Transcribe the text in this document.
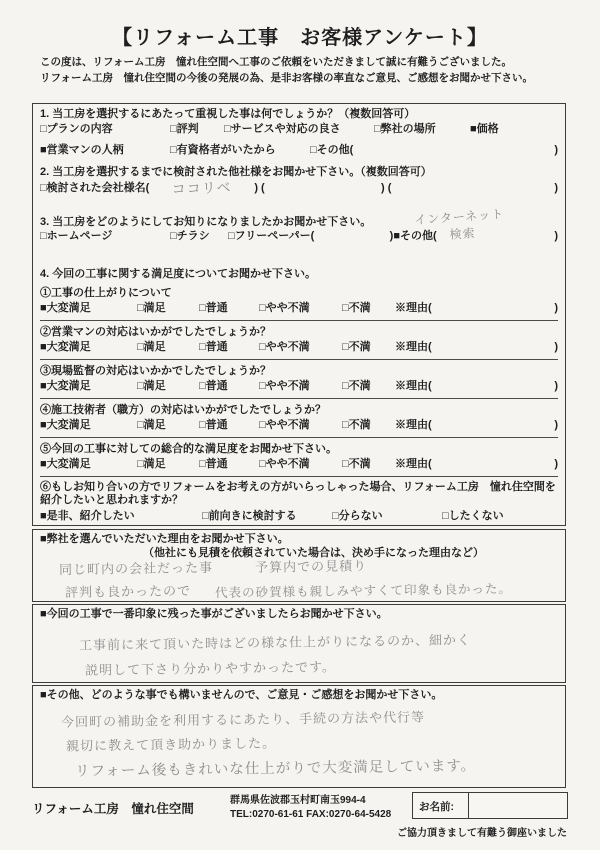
【リフォーム工事　お客様アンケート】
この度は、リフォーム工房　憧れ住空間へ工事のご依頼をいただきまして誠に有難うございました。
リフォーム工房　憧れ住空間の今後の発展の為、是非お客様の率直なご意見、ご感想をお聞かせ下さい。
1. 当工房を選択するにあたって重視した事は何でしょうか？（複数回答可）
□プランの内容	□評判	□サービスや対応の良さ	□弊社の場所	■価格
■営業マンの人柄	□有資格者がいたから	□その他(	)
2. 当工房を選択するまでに検討された他社様をお聞かせ下さい。（複数回答可）
□検討された会社様名(	ココリベ	) (	) (	)
3. 当工房をどのようにしてお知りになりましたかお聞かせ下さい。
□ホームページ	□チラシ	□フリーペーパー(	) ■その他(	)
インターネット
検索
4. 今回の工事に関する満足度についてお聞かせ下さい。
①工事の仕上がりについて
■大変満足	□満足	□普通	□やや不満	□不満	※理由(	)
②営業マンの対応はいかがでしたでしょうか？
■大変満足	□満足	□普通	□やや不満	□不満	※理由(	)
③現場監督の対応はいかかでしたでしょうか？
■大変満足	□満足	□普通	□やや不満	□不満	※理由(	)
④施工技術者（職方）の対応はいかがでしたでしょうか？
■大変満足	□満足	□普通	□やや不満	□不満	※理由(	)
⑤今回の工事に対しての総合的な満足度をお聞かせ下さい。
■大変満足	□満足	□普通	□やや不満	□不満	※理由(	)
⑥もしお知り合いの方でリフォームをお考えの方がいらっしゃった場合、リフォーム工房　憧れ住空間を紹介したいと思われますか？
■是非、紹介したい	□前向きに検討する	□分らない	□したくない
■弊社を選んでいただいた理由をお聞かせ下さい。
（他社にも見積を依頼されていた場合は、決め手になった理由など）
同じ町内の会社だった事	予算内での見積り
評判も良かったので 代表の砂賀様も親しみやすくて印象も良かった。
■今回の工事で一番印象に残った事がございましたらお聞かせ下さい。
工事前に来て頂いた時はどの様な仕上がりになるのか、細かく
説明して下さり分かりやすかったです。
■その他、どのような事でも構いませんので、ご意見・ご感想をお聞かせ下さい。
今回町の補助金を利用するにあたり、手続の方法や代行等
親切に教えて頂き助かりました。
リフォーム後もきれいな仕上がりで大変満足しています。
リフォーム工房　憧れ住空間
群馬県佐波郡玉村町南玉994-4
TEL:0270-61-61 FAX:0270-64-5428
お名前:
ご協力頂きまして有難う御座いました
